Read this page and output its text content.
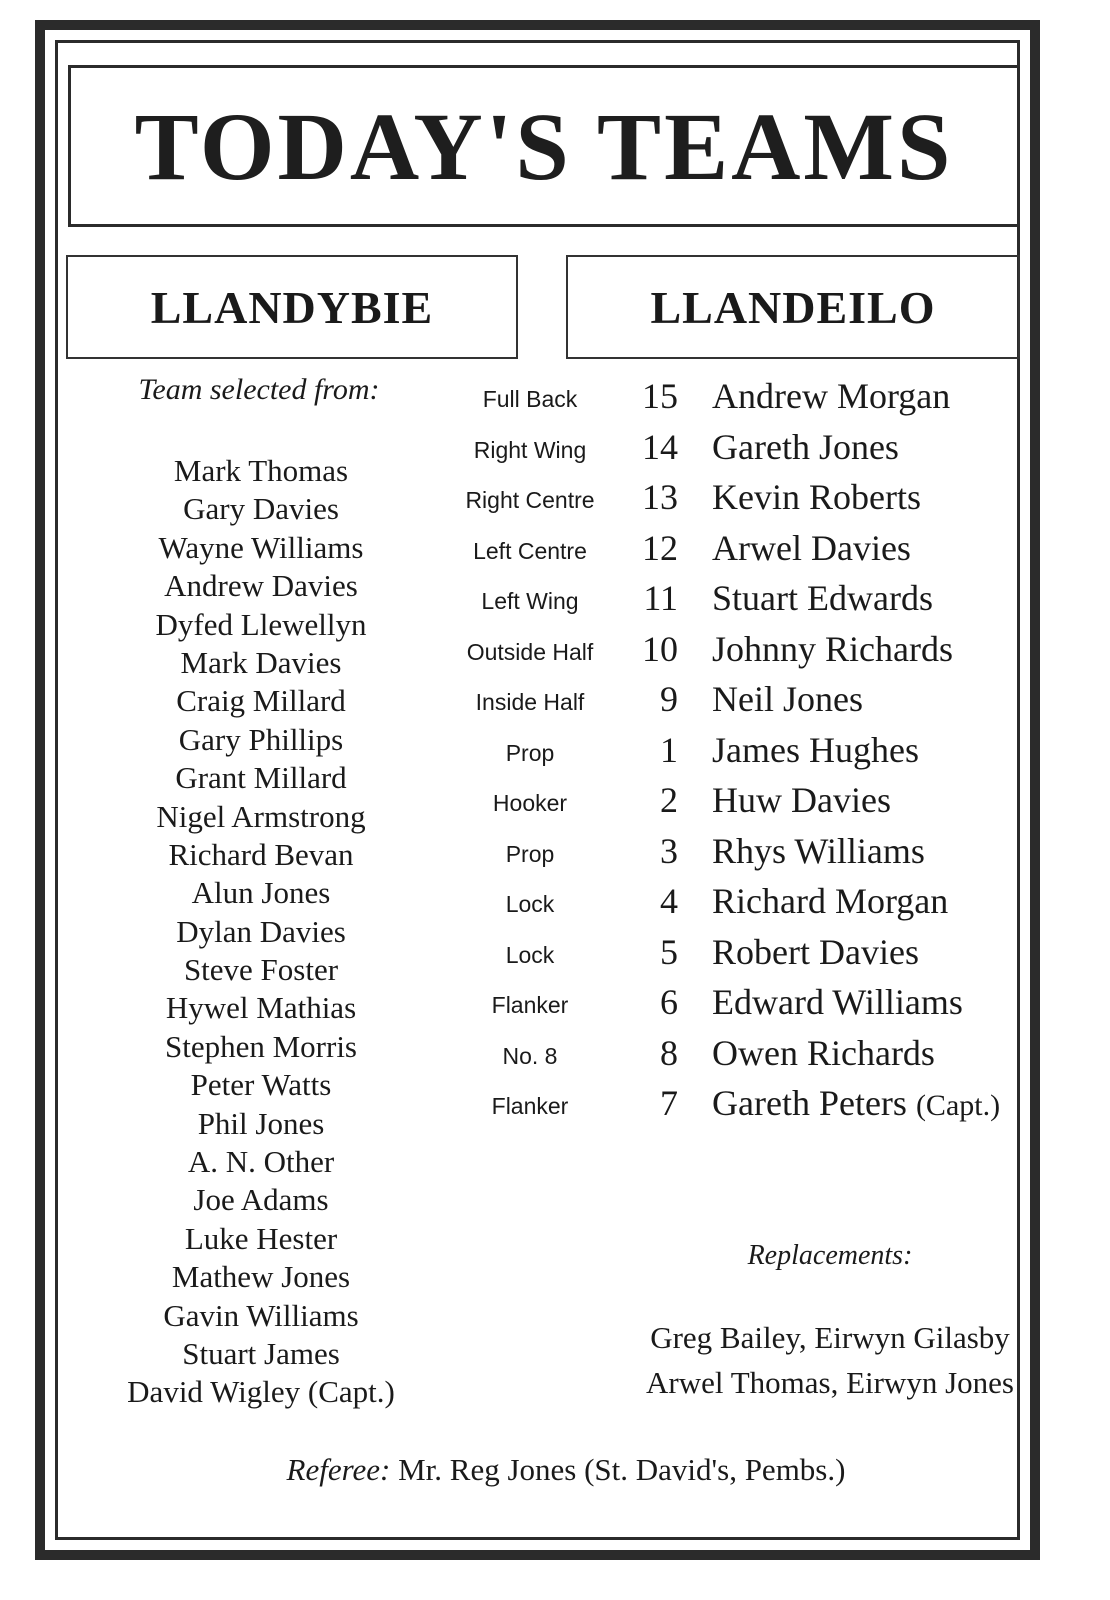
TODAY'S TEAMS
LLANDYBIE	LLANDEILO
Team selected from:
Mark Thomas
Gary Davies
Wayne Williams
Andrew Davies
Dyfed Llewellyn
Mark Davies
Craig Millard
Gary Phillips
Grant Millard
Nigel Armstrong
Richard Bevan
Alun Jones
Dylan Davies
Steve Foster
Hywel Mathias
Stephen Morris
Peter Watts
Phil Jones
A. N. Other
Joe Adams
Luke Hester
Mathew Jones
Gavin Williams
Stuart James
David Wigley (Capt.)
Full Back	15 Andrew Morgan
Right Wing	14 Gareth Jones
Right Centre	13 Kevin Roberts
Left Centre	12 Arwel Davies
Left Wing	11 Stuart Edwards
Outside Half	10 Johnny Richards
Inside Half	9 Neil Jones
Prop	1 James Hughes
Hooker	2 Huw Davies
Prop	3 Rhys Williams
Lock	4 Richard Morgan
Lock	5 Robert Davies
Flanker	6 Edward Williams
No. 8	8 Owen Richards
Flanker	7 Gareth Peters (Capt.)
Replacements:
Greg Bailey, Eirwyn Gilasby
Arwel Thomas, Eirwyn Jones
Referee: Mr. Reg Jones (St. David's, Pembs.)
